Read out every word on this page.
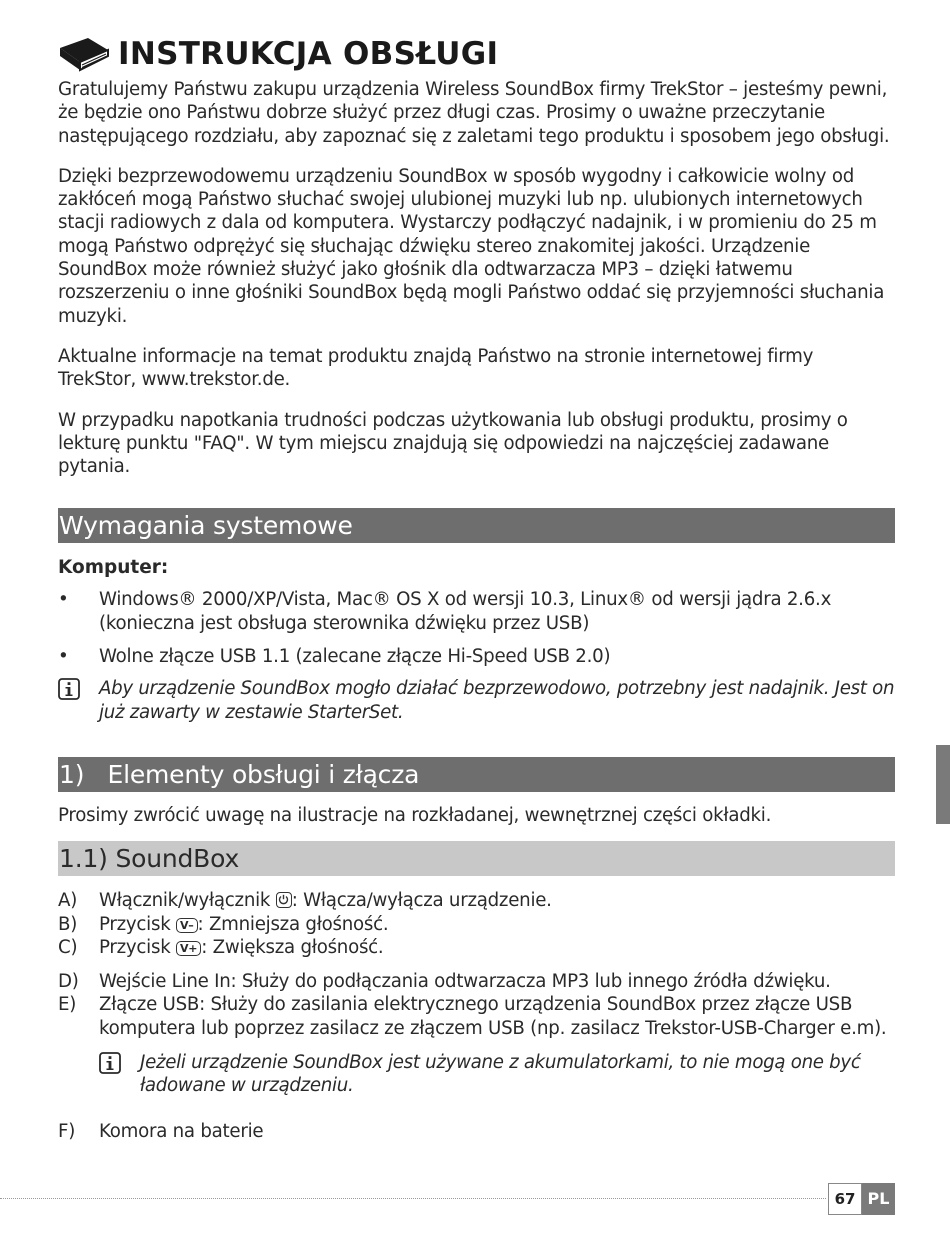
INSTRUKCJA OBSŁUGI

Gratulujemy Państwu zakupu urządzenia Wireless SoundBox firmy TrekStor – jesteśmy pewni, że będzie ono Państwu dobrze służyć przez długi czas. Prosimy o uważne przeczytanie następującego rozdziału, aby zapoznać się z zaletami tego produktu i sposobem jego obsługi.

Dzięki bezprzewodowemu urządzeniu SoundBox w sposób wygodny i całkowicie wolny od zakłóceń mogą Państwo słuchać swojej ulubionej muzyki lub np. ulubionych internetowych stacji radiowych z dala od komputera. Wystarczy podłączyć nadajnik, i w promieniu do 25 m mogą Państwo odprężyć się słuchając dźwięku stereo znakomitej jakości. Urządzenie SoundBox może również służyć jako głośnik dla odtwarzacza MP3 – dzięki łatwemu rozszerzeniu o inne głośniki SoundBox będą mogli Państwo oddać się przyjemności słuchania muzyki.

Aktualne informacje na temat produktu znajdą Państwo na stronie internetowej firmy TrekStor, www.trekstor.de.

W przypadku napotkania trudności podczas użytkowania lub obsługi produktu, prosimy o lekturę punktu "FAQ". W tym miejscu znajdują się odpowiedzi na najczęściej zadawane pytania.

Wymagania systemowe
Komputer:
•	Windows® 2000/XP/Vista, Mac® OS X od wersji 10.3, Linux® od wersji jądra 2.6.x (konieczna jest obsługa sterownika dźwięku przez USB)
•	Wolne złącze USB 1.1 (zalecane złącze Hi-Speed USB 2.0)
Aby urządzenie SoundBox mogło działać bezprzewodowo, potrzebny jest nadajnik. Jest on już zawarty w zestawie StarterSet.
1)   Elementy obsługi i złącza

Prosimy zwrócić uwagę na ilustracje na rozkładanej, wewnętrznej części okładki.

1.1) SoundBox
A)	Włącznik/wyłącznik
: Włącza/wyłącza urządzenie.
B)	Przycisk V– : Zmniejsza głośność.
C)	Przycisk V+ : Zwiększa głośność.
D)	Wejście Line In: Służy do podłączania odtwarzacza MP3 lub innego źródła dźwięku.
E)	Złącze USB: Służy do zasilania elektrycznego urządzenia SoundBox przez złącze USB komputera lub poprzez zasilacz ze złączem USB (np. zasilacz Trekstor-USB-Charger e.m).
Jeżeli urządzenie SoundBox jest używane z akumulatorkami, to nie mogą one być ładowane w urządzeniu.
F)	Komora na baterie
67 PL
